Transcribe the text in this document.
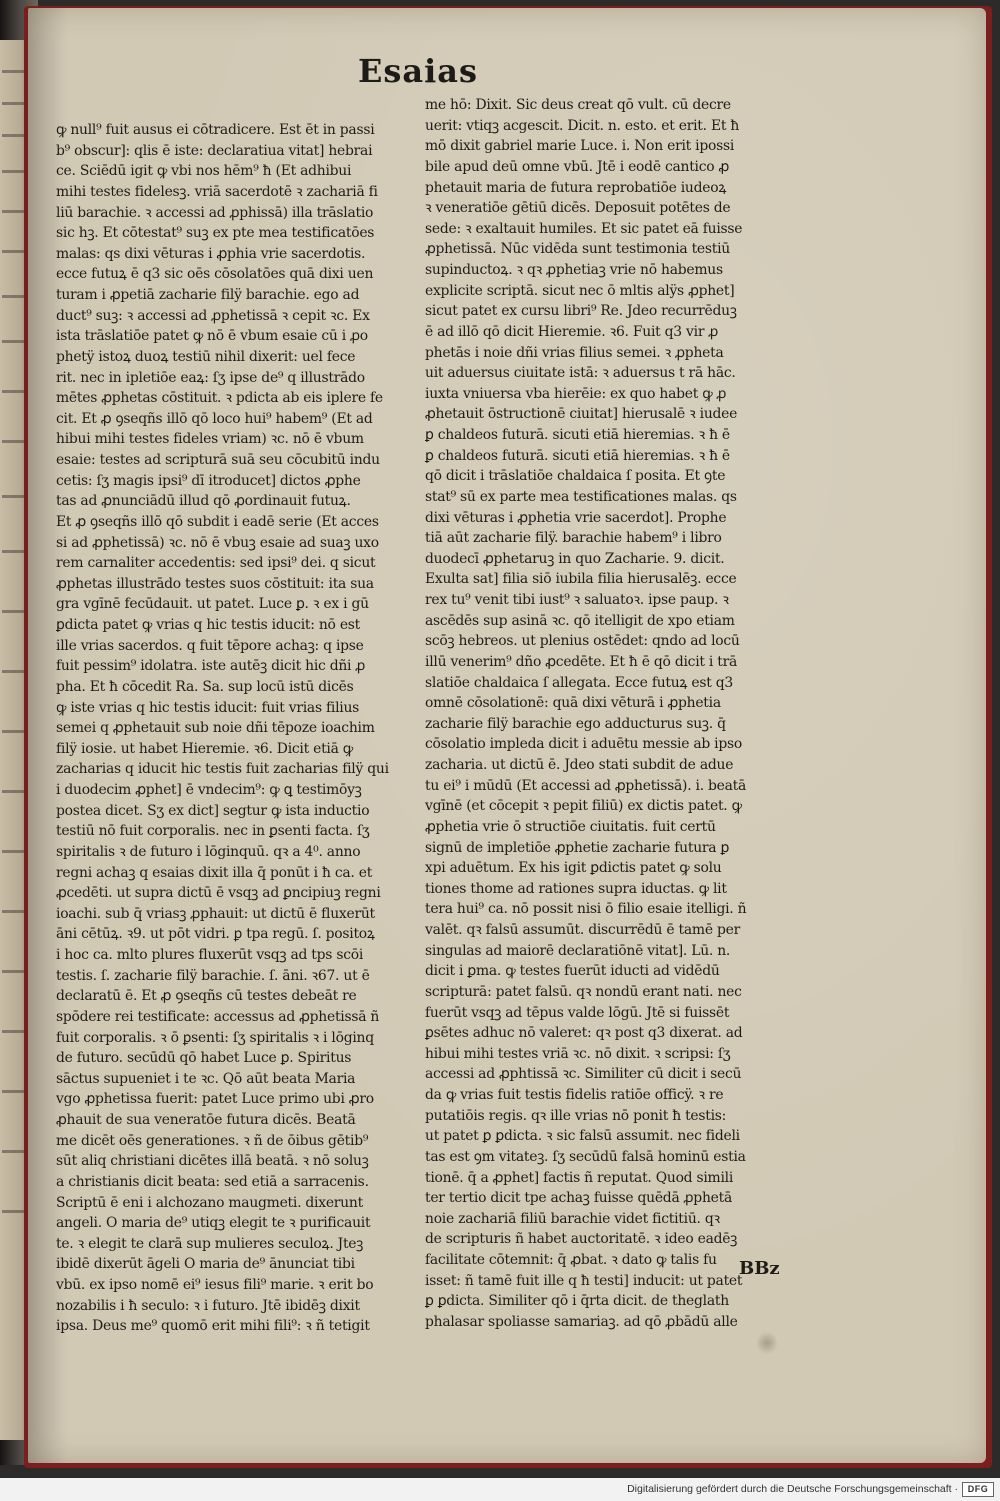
Esaias
ꝙ null⁹ fuit ausus ei cōtradicere. Est ēt in passi
b⁹ obscur]: qlis ē iste: declaratiua vitat] hebrai
ce. Sciēdū igit ꝙ vbi nos hēm⁹ ħ (Et adhibui
mihi testes fidelesꝫ. vriā sacerdotē ꝛ zachariā fi
liū barachie. ꝛ accessi ad ꝓphissā) illa trāslatio
sic hꝫ. Et cōtestat⁹ suꝫ ex pte mea testificatōes
malas: qs dixi vēturas i ꝓphia vrie sacerdotis.
ecce futuꝝ ē q3 sic oēs cōsolatōes quā dixi uen
turam i ꝓpetiā zacharie filÿ barachie. ego ad
duct⁹ suꝫ: ꝛ accessi ad ꝓphetissā ꝛ cepit ꝛc. Ex
ista trāslatiōe patet ꝙ nō ē vbum esaie cū i ꝓo
phetÿ istoꝝ duoꝝ testiū nihil dixerit: uel fece
rit. nec in ipletiōe eaꝝ: ſʒ ipse de⁹ q illustrādo
mētes ꝓphetas cōstituit. ꝛ pdicta ab eis iplere fe
cit. Et ꝓ ꝯseqñs illō qō loco hui⁹ habem⁹ (Et ad
hibui mihi testes fideles vriam) ꝛc. nō ē vbum
esaie: testes ad scripturā suā seu cōcubitū indu
cetis: ſʒ magis ipsi⁹ dī itroducet] dictos ꝓphe
tas ad ꝓnunciādū illud qō ꝓordinauit futuꝝ.
Et ꝓ ꝯseqñs illō qō subdit i eadē serie (Et acces
si ad ꝓphetissā) ꝛc. nō ē vbuꝫ esaie ad suaꝫ uxo
rem carnaliter accedentis: sed ipsi⁹ dei. q sicut
ꝓphetas illustrādo testes suos cōstituit: ita sua
gra vgīnē fecūdauit. ut patet. Luce ꝑ. ꝛ ex i gū
ꝑdicta patet ꝙ vrias q hic testis iducit: nō est
ille vrias sacerdos. q fuit tēpore achaꝫ: q ipse
fuit pessim⁹ idolatra. iste autēꝫ dicit hic dñi ꝓ
pha. Et ħ cōcedit Ra. Sa. sup locū istū dicēs
ꝙ iste vrias q hic testis iducit: fuit vrias filius
semei q ꝓphetauit sub noie dñi tēpoze ioachim
filÿ iosie. ut habet Hieremie. ꝛ6. Dicit etiā ꝙ
zacharias q iducit hic testis fuit zacharias filÿ qui
i duodecim ꝓphet] ē vndecim⁹: ꝙ ꝗ testimōyꝫ
postea dicet. Sʒ ex dict] segtur ꝙ ista inductio
testiū nō fuit corporalis. nec in ꝑsenti facta. ſʒ
spiritalis ꝛ de futuro i lōginquū. qꝛ a 4⁰. anno
regni achaꝫ q esaias dixit illa q̄ ponūt i ħ ca. et
ꝓcedēti. ut supra dictū ē vsqꝫ ad ꝑncipiuꝫ regni
ioachi. sub q̄ vriasꝫ ꝓphauit: ut dictū ē fluxerūt
āni cētūꝝ. ꝛ9. ut pōt vidri. ꝑ tpa regū. ſ. positoꝝ
i hoc ca. mlto plures fluxerūt vsqꝫ ad tps scōi
testis. ſ. zacharie filÿ barachie. ſ. āni. ꝛ67. ut ē
declaratū ē. Et ꝓ ꝯseqñs cū testes debeāt re
spōdere rei testificate: accessus ad ꝓphetissā ñ
fuit corporalis. ꝛ ō ꝑsenti: ſʒ spiritalis ꝛ i lōginq
de futuro. secūdū qō habet Luce ꝑ. Spiritus
sāctus supueniet i te ꝛc. Qō aūt beata Maria
vgo ꝓphetissa fuerit: patet Luce primo ubi ꝓro
ꝓhauit de sua veneratōe futura dicēs. Beatā
me dicēt oēs generationes. ꝛ ñ de ōibus gētib⁹
sūt aliq christiani dicētes illā beatā. ꝛ nō soluꝫ
a christianis dicit beata: sed etiā a sarracenis.
Scriptū ē eni i alchozano maugmeti. dixerunt
angeli. O maria de⁹ utiqꝫ elegit te ꝛ purificauit
te. ꝛ elegit te clarā sup mulieres seculoꝝ. Jteꝫ
ibidē dixerūt āgeli O maria de⁹ ānunciat tibi
vbū. ex ipso nomē ei⁹ iesus fili⁹ marie. ꝛ erit bo
nozabilis i ħ seculo: ꝛ i futuro. Jtē ibidēꝫ dixit
ipsa. Deus me⁹ quomō erit mihi fili⁹: ꝛ ñ tetigit
me hō: Dixit. Sic deus creat qō vult. cū decre
uerit: vtiqꝫ acgescit. Dicit. n. esto. et erit. Et ħ
mō dixit gabriel marie Luce. i. Non erit ipossi
bile apud deū omne vbū. Jtē i eodē cantico ꝓ
phetauit maria de futura reprobatiōe iudeoꝝ
ꝛ veneratiōe gētiū dicēs. Deposuit potētes de
sede: ꝛ exaltauit humiles. Et sic patet eā fuisse
ꝓphetissā. Nūc vidēda sunt testimonia testiū
supinductoꝝ. ꝛ qꝛ ꝓphetiaꝫ vrie nō habemus
explicite scriptā. sicut nec ō mltis alÿs ꝓphet]
sicut patet ex cursu libri⁹ Re. Jdeo recurrēduꝫ
ē ad illō qō dicit Hieremie. ꝛ6. Fuit q3 vir ꝓ
phetās i noie dñi vrias filius semei. ꝛ ꝓpheta
uit aduersus ciuitate istā: ꝛ aduersus t rā hāc.
iuxta vniuersa vba hierēie: ex quo habet ꝙ ꝓ
ꝓhetauit ōstructionē ciuitat] hierusalē ꝛ iudee
ꝑ chaldeos futurā. sicuti etiā hieremias. ꝛ ħ ē
ꝑ chaldeos futurā. sicuti etiā hieremias. ꝛ ħ ē
qō dicit i trāslatiōe chaldaica ſ posita. Et ꝯte
stat⁹ sū ex parte mea testificationes malas. qs
dixi vēturas i ꝓphetia vrie sacerdot]. Prophe
tiā aūt zacharie filÿ. barachie habem⁹ i libro
duodecī ꝓphetaruꝫ in quo Zacharie. 9. dicit.
Exulta sat] filia siō iubila filia hierusalēꝫ. ecce
rex tu⁹ venit tibi iust⁹ ꝛ saluatoꝛ. ipse paup. ꝛ
ascēdēs sup asinā ꝛc. qō itelligit de xpo etiam
scōꝫ hebreos. ut plenius ostēdet: qndo ad locū
illū venerim⁹ dño ꝓcedēte. Et ħ ē qō dicit i trā
slatiōe chaldaica ſ allegata. Ecce futuꝝ est q3
omnē cōsolationē: quā dixi vēturā i ꝓphetia
zacharie filÿ barachie ego adducturus suꝫ. q̄
cōsolatio impleda dicit i aduētu messie ab ipso
zacharia. ut dictū ē. Jdeo stati subdit de adue
tu ei⁹ i mūdū (Et accessi ad ꝓphetissā). i. beatā
vgīnē (et cōcepit ꝛ pepit filiū) ex dictis patet. ꝙ
ꝓphetia vrie ō structiōe ciuitatis. fuit certū
signū de impletiōe ꝓphetie zacharie futura ꝑ
xpi aduētum. Ex his igit ꝑdictis patet ꝙ solu
tiones thome ad rationes supra iductas. ꝙ lit
tera hui⁹ ca. nō possit nisi ō filio esaie itelligi. ñ
valēt. qꝛ falsū assumūt. discurrēdū ē tamē per
singulas ad maiorē declaratiōnē vitat]. Lū. n.
dicit i ꝑma. ꝙ testes fuerūt iducti ad vidēdū
scripturā: patet falsū. qꝛ nondū erant nati. nec
fuerūt vsqꝫ ad tēpus valde lōgū. Jtē si fuissēt
ꝑsētes adhuc nō valeret: qꝛ post q3 dixerat. ad
hibui mihi testes vriā ꝛc. nō dixit. ꝛ scripsi: ſʒ
accessi ad ꝓphtissā ꝛc. Similiter cū dicit i secū
da ꝙ vrias fuit testis fidelis ratiōe officÿ. ꝛ re
putatiōis regis. qꝛ ille vrias nō ponit ħ testis:
ut patet ꝑ ꝑdicta. ꝛ sic falsū assumit. nec fideli
tas est ꝯm vitateꝫ. ſʒ secūdū falsā hominū estia
tionē. q̄ a ꝓphet] factis ñ reputat. Quod simili
ter tertio dicit tpe achaꝫ fuisse quēdā ꝓphetā
noie zachariā filiū barachie videt fictitiū. qꝛ
de scripturis ñ habet auctoritatē. ꝛ ideo eadēꝫ
facilitate cōtemnit: q̄ ꝓbat. ꝛ dato ꝙ talis fu
isset: ñ tamē fuit ille q ħ testi] inducit: ut patet
ꝑ ꝑdicta. Similiter qō i q̄rta dicit. de theglath
phalasar spoliasse samariaꝫ. ad qō ꝓbādū alle
BBz
Digitalisierung gefördert durch die Deutsche Forschungsgemeinschaft ·	DFG
